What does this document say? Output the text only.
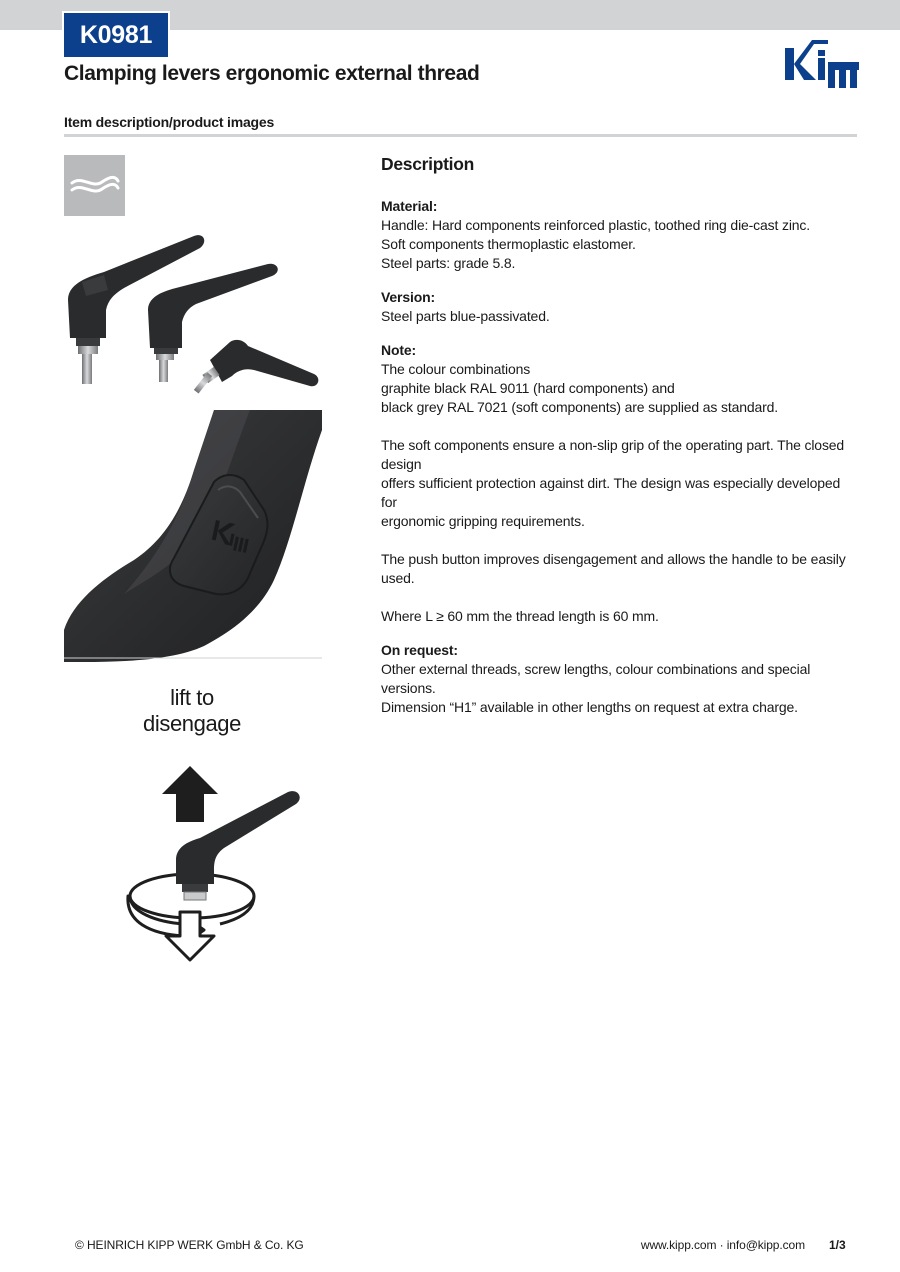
K0981
Clamping levers ergonomic external thread
Item description/product images
lift to
disengage
Description
Material:
Handle: Hard components reinforced plastic, toothed ring die-cast zinc.
Soft components thermoplastic elastomer.
Steel parts: grade 5.8.
Version:
Steel parts blue-passivated.
Note:
The colour combinations
graphite black RAL 9011 (hard components) and
black grey RAL 7021 (soft components) are supplied as standard.
The soft components ensure a non-slip grip of the operating part. The closed design
offers sufficient protection against dirt. The design was especially developed for
ergonomic gripping requirements.
The push button improves disengagement and allows the handle to be easily used.
Where L ≥ 60 mm the thread length is 60 mm.
On request:
Other external threads, screw lengths, colour combinations and special versions.
Dimension “H1” available in other lengths on request at extra charge.
© HEINRICH KIPP WERK GmbH & Co. KG	www.kipp.com · info@kipp.com 1/3
